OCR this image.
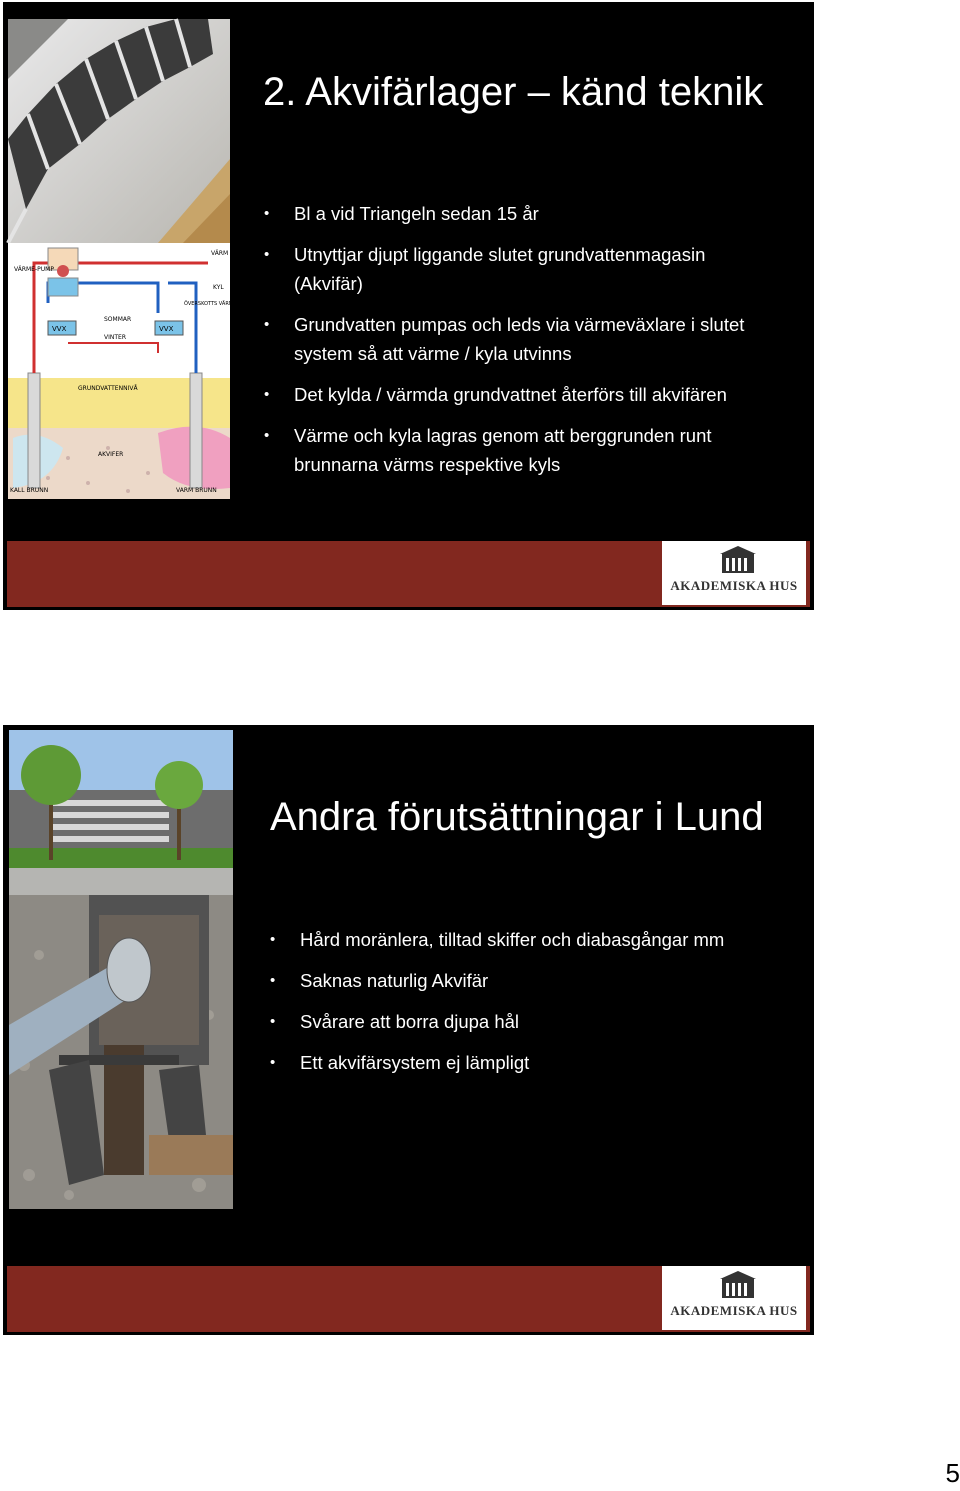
VVX	VVX
VÄRME-PUMP
VÄRM
KYL
SOMMAR
VINTER
ÖVERSKOTTS VÄRME SOMMARTID
GRUNDVATTENNIVÅ
AKVIFER
KALL BRUNN	VARM BRUNN
2. Akvifärlager – känd teknik
• Bl a vid Triangeln sedan 15 år
• Utnyttjar djupt liggande slutet grundvattenmagasin (Akvifär)
• Grundvatten pumpas och leds via värmeväxlare i slutet system så att värme / kyla utvinns
• Det kylda / värmda grundvattnet återförs till akvifären
• Värme och kyla lagras genom att berggrunden runt brunnarna värms respektive kyls
AKADEMISKA HUS
Andra förutsättningar i Lund
• Hård moränlera, tilltad skiffer och diabasgångar mm
• Saknas naturlig Akvifär
• Svårare att borra djupa hål
• Ett akvifärsystem ej lämpligt
AKADEMISKA HUS
5
